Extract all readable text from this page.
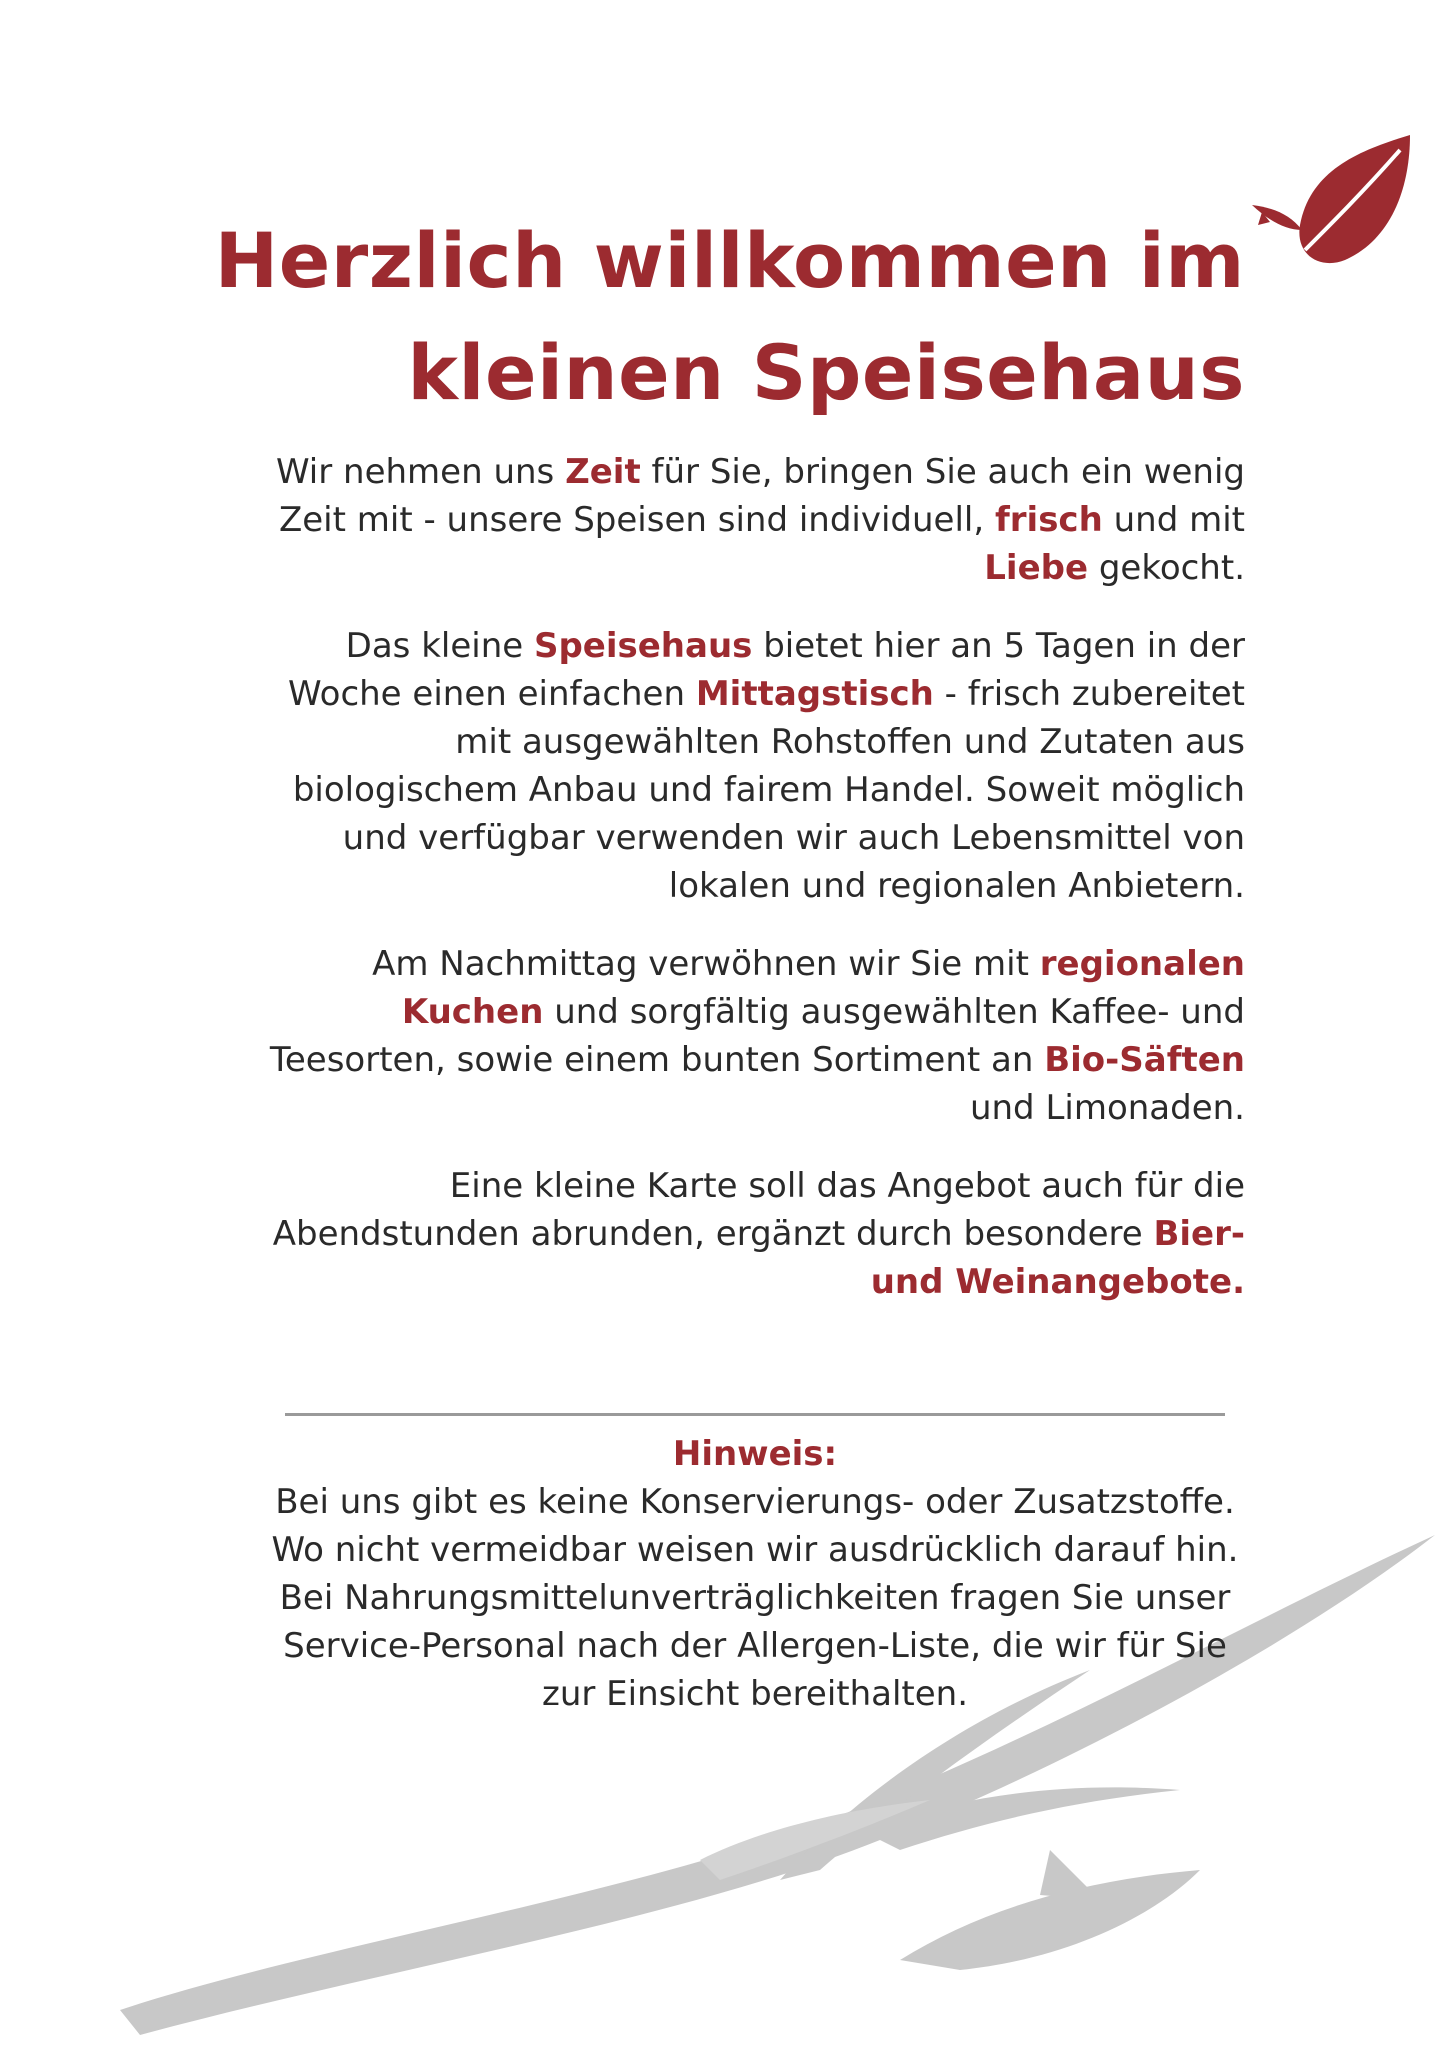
Herzlich willkommen im
kleinen Speisehaus

Wir nehmen uns Zeit für Sie, bringen Sie auch ein wenig Zeit mit - unsere Speisen sind individuell, frisch und mit Liebe gekocht.

Das kleine Speisehaus bietet hier an 5 Tagen in der Woche einen einfachen Mittagstisch - frisch zubereitet mit ausgewählten Rohstoffen und Zutaten aus biologischem Anbau und fairem Handel. Soweit möglich und verfügbar verwenden wir auch Lebensmittel von lokalen und regionalen Anbietern.

Am Nachmittag verwöhnen wir Sie mit regionalen Kuchen und sorgfältig ausgewählten Kaffee- und Teesorten, sowie einem bunten Sortiment an Bio-Säften und Limonaden.

Eine kleine Karte soll das Angebot auch für die Abendstunden abrunden, ergänzt durch besondere Bier- und Weinangebote.

Hinweis:

Bei uns gibt es keine Konservierungs- oder Zusatzstoffe.

Wo nicht vermeidbar weisen wir ausdrücklich darauf hin.

Bei Nahrungsmittelunverträglichkeiten fragen Sie unser Service-Personal nach der Allergen-Liste, die wir für Sie zur Einsicht bereithalten.
